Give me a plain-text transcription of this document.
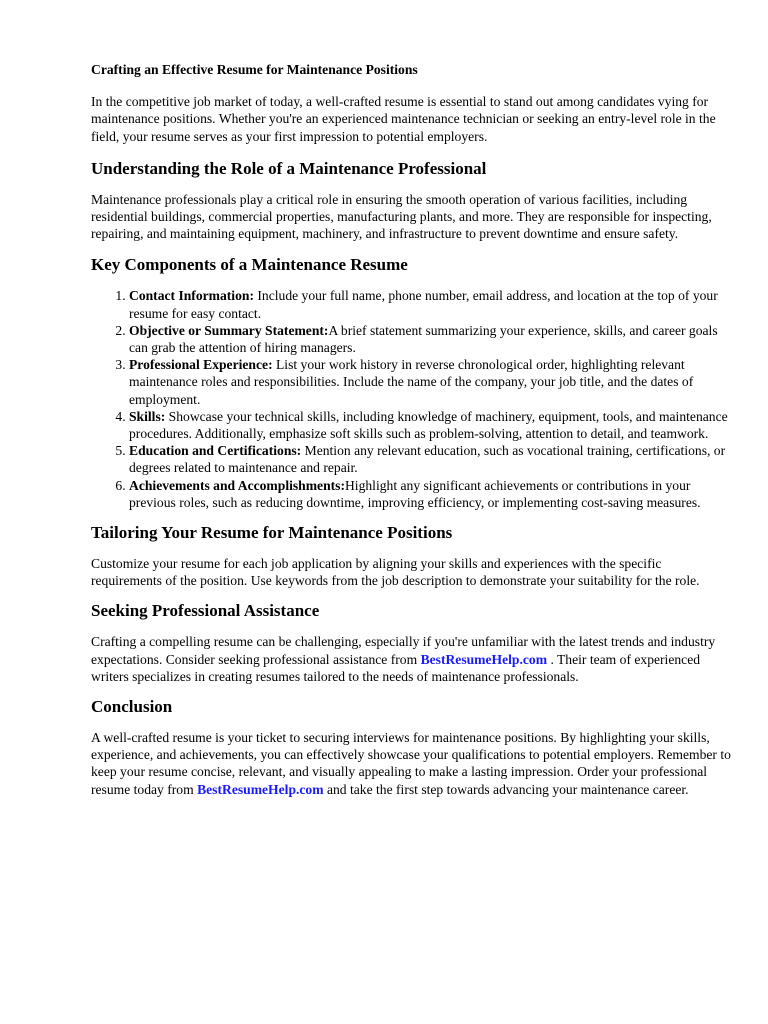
Crafting an Effective Resume for Maintenance Positions

In the competitive job market of today, a well-crafted resume is essential to stand out among candidates vying for maintenance positions. Whether you're an experienced maintenance technician or seeking an entry-level role in the field, your resume serves as your first impression to potential employers.

Understanding the Role of a Maintenance Professional

Maintenance professionals play a critical role in ensuring the smooth operation of various facilities, including residential buildings, commercial properties, manufacturing plants, and more. They are responsible for inspecting, repairing, and maintaining equipment, machinery, and infrastructure to prevent downtime and ensure safety.

Key Components of a Maintenance Resume
1. Contact Information: Include your full name, phone number, email address, and location at the top of your resume for easy contact.
2. Objective or Summary Statement:A brief statement summarizing your experience, skills, and career goals can grab the attention of hiring managers.
3. Professional Experience: List your work history in reverse chronological order, highlighting relevant maintenance roles and responsibilities. Include the name of the company, your job title, and the dates of employment.
4. Skills: Showcase your technical skills, including knowledge of machinery, equipment, tools, and maintenance procedures. Additionally, emphasize soft skills such as problem-solving, attention to detail, and teamwork.
5. Education and Certifications: Mention any relevant education, such as vocational training, certifications, or degrees related to maintenance and repair.
6. Achievements and Accomplishments:Highlight any significant achievements or contributions in your previous roles, such as reducing downtime, improving efficiency, or implementing cost-saving measures.
Tailoring Your Resume for Maintenance Positions

Customize your resume for each job application by aligning your skills and experiences with the specific requirements of the position. Use keywords from the job description to demonstrate your suitability for the role.

Seeking Professional Assistance

Crafting a compelling resume can be challenging, especially if you're unfamiliar with the latest trends and industry expectations. Consider seeking professional assistance from BestResumeHelp.com . Their team of experienced writers specializes in creating resumes tailored to the needs of maintenance professionals.

Conclusion

A well-crafted resume is your ticket to securing interviews for maintenance positions. By highlighting your skills, experience, and achievements, you can effectively showcase your qualifications to potential employers. Remember to keep your resume concise, relevant, and visually appealing to make a lasting impression. Order your professional resume today from BestResumeHelp.com and take the first step towards advancing your maintenance career.
